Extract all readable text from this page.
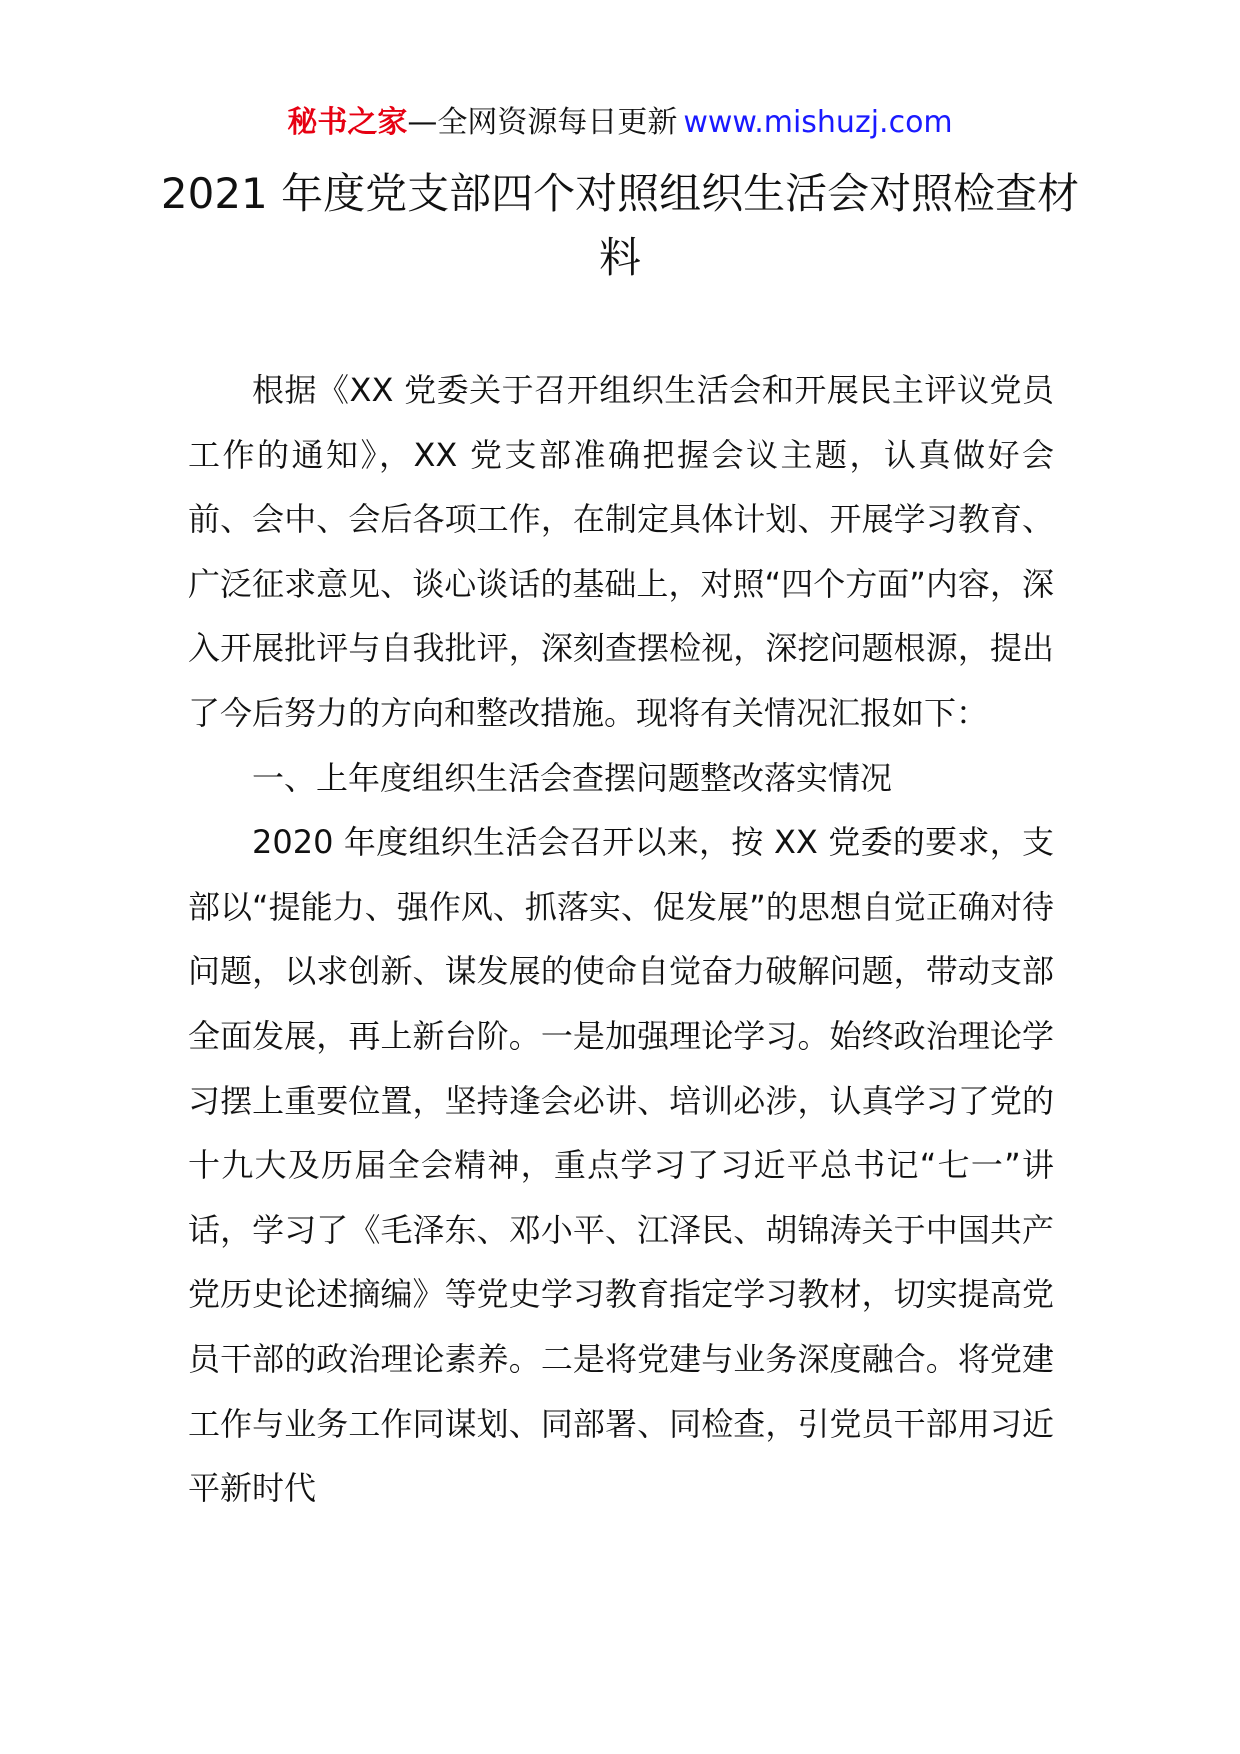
秘书之家—全网资源每日更新 www.mishuzj.com
2021 年度党支部四个对照组织生活会对照检查材料

根据《XX 党委关于召开组织生活会和开展民主评议党员工作的通知》，XX 党支部准确把握会议主题，认真做好会前、会中、会后各项工作，在制定具体计划、开展学习教育、广泛征求意见、谈心谈话的基础上，对照“四个方面”内容，深入开展批评与自我批评，深刻查摆检视，深挖问题根源，提出了今后努力的方向和整改措施。现将有关情况汇报如下：

一、上年度组织生活会查摆问题整改落实情况

2020 年度组织生活会召开以来，按 XX 党委的要求，支部以“提能力、强作风、抓落实、促发展”的思想自觉正确对待问题，以求创新、谋发展的使命自觉奋力破解问题，带动支部全面发展，再上新台阶。一是加强理论学习。始终政治理论学习摆上重要位置，坚持逢会必讲、培训必涉，认真学习了党的十九大及历届全会精神，重点学习了习近平总书记“七一”讲话，学习了《毛泽东、邓小平、江泽民、胡锦涛关于中国共产党历史论述摘编》等党史学习教育指定学习教材，切实提高党员干部的政治理论素养。二是将党建与业务深度融合。将党建工作与业务工作同谋划、同部署、同检查，引党员干部用习近平新时代
